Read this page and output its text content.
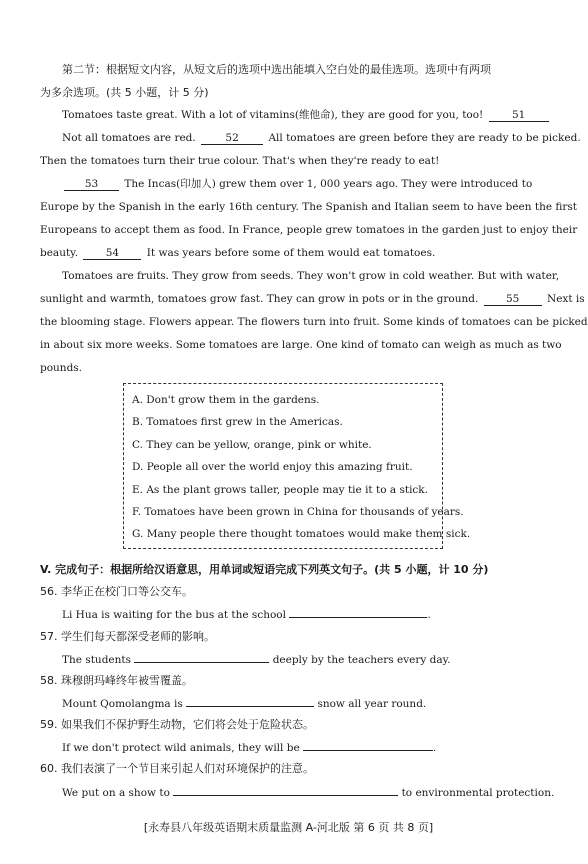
第二节：根据短文内容，从短文后的选项中选出能填入空白处的最佳选项。选项中有两项
为多余选项。(共 5 小题，计 5 分)
Tomatoes taste great. With a lot of vitamins(维他命), they are good for you, too!	51
Not all tomatoes are red.	52	All tomatoes are green before they are ready to be picked.
Then the tomatoes turn their true colour. That's when they're ready to eat!
53 The Incas(印加人) grew them over 1, 000 years ago. They were introduced to
Europe by the Spanish in the early 16th century. The Spanish and Italian seem to have been the first
Europeans to accept them as food. In France, people grew tomatoes in the garden just to enjoy their
beauty.	54	It was years before some of them would eat tomatoes.
Tomatoes are fruits. They grow from seeds. They won't grow in cold weather. But with water,
sunlight and warmth, tomatoes grow fast. They can grow in pots or in the ground.	55	Next is
the blooming stage. Flowers appear. The flowers turn into fruit. Some kinds of tomatoes can be picked
in about six more weeks. Some tomatoes are large. One kind of tomato can weigh as much as two
pounds.
A. Don't grow them in the gardens.
B. Tomatoes first grew in the Americas.
C. They can be yellow, orange, pink or white.
D. People all over the world enjoy this amazing fruit.
E. As the plant grows taller, people may tie it to a stick.
F. Tomatoes have been grown in China for thousands of years.
G. Many people there thought tomatoes would make them sick.
V. 完成句子：根据所给汉语意思，用单词或短语完成下列英文句子。(共 5 小题，计 10 分)
56. 李华正在校门口等公交车。
Li Hua is waiting for the bus at the school	.
57. 学生们每天都深受老师的影响。
The students	deeply by the teachers every day.
58. 珠穆朗玛峰终年被雪覆盖。
Mount Qomolangma is	snow all year round.
59. 如果我们不保护野生动物，它们将会处于危险状态。
If we don't protect wild animals, they will be	.
60. 我们表演了一个节目来引起人们对环境保护的注意。
We put on a show to	to environmental protection.
[永寿县八年级英语期末质量监测 A-河北版 第 6 页 共 8 页]
